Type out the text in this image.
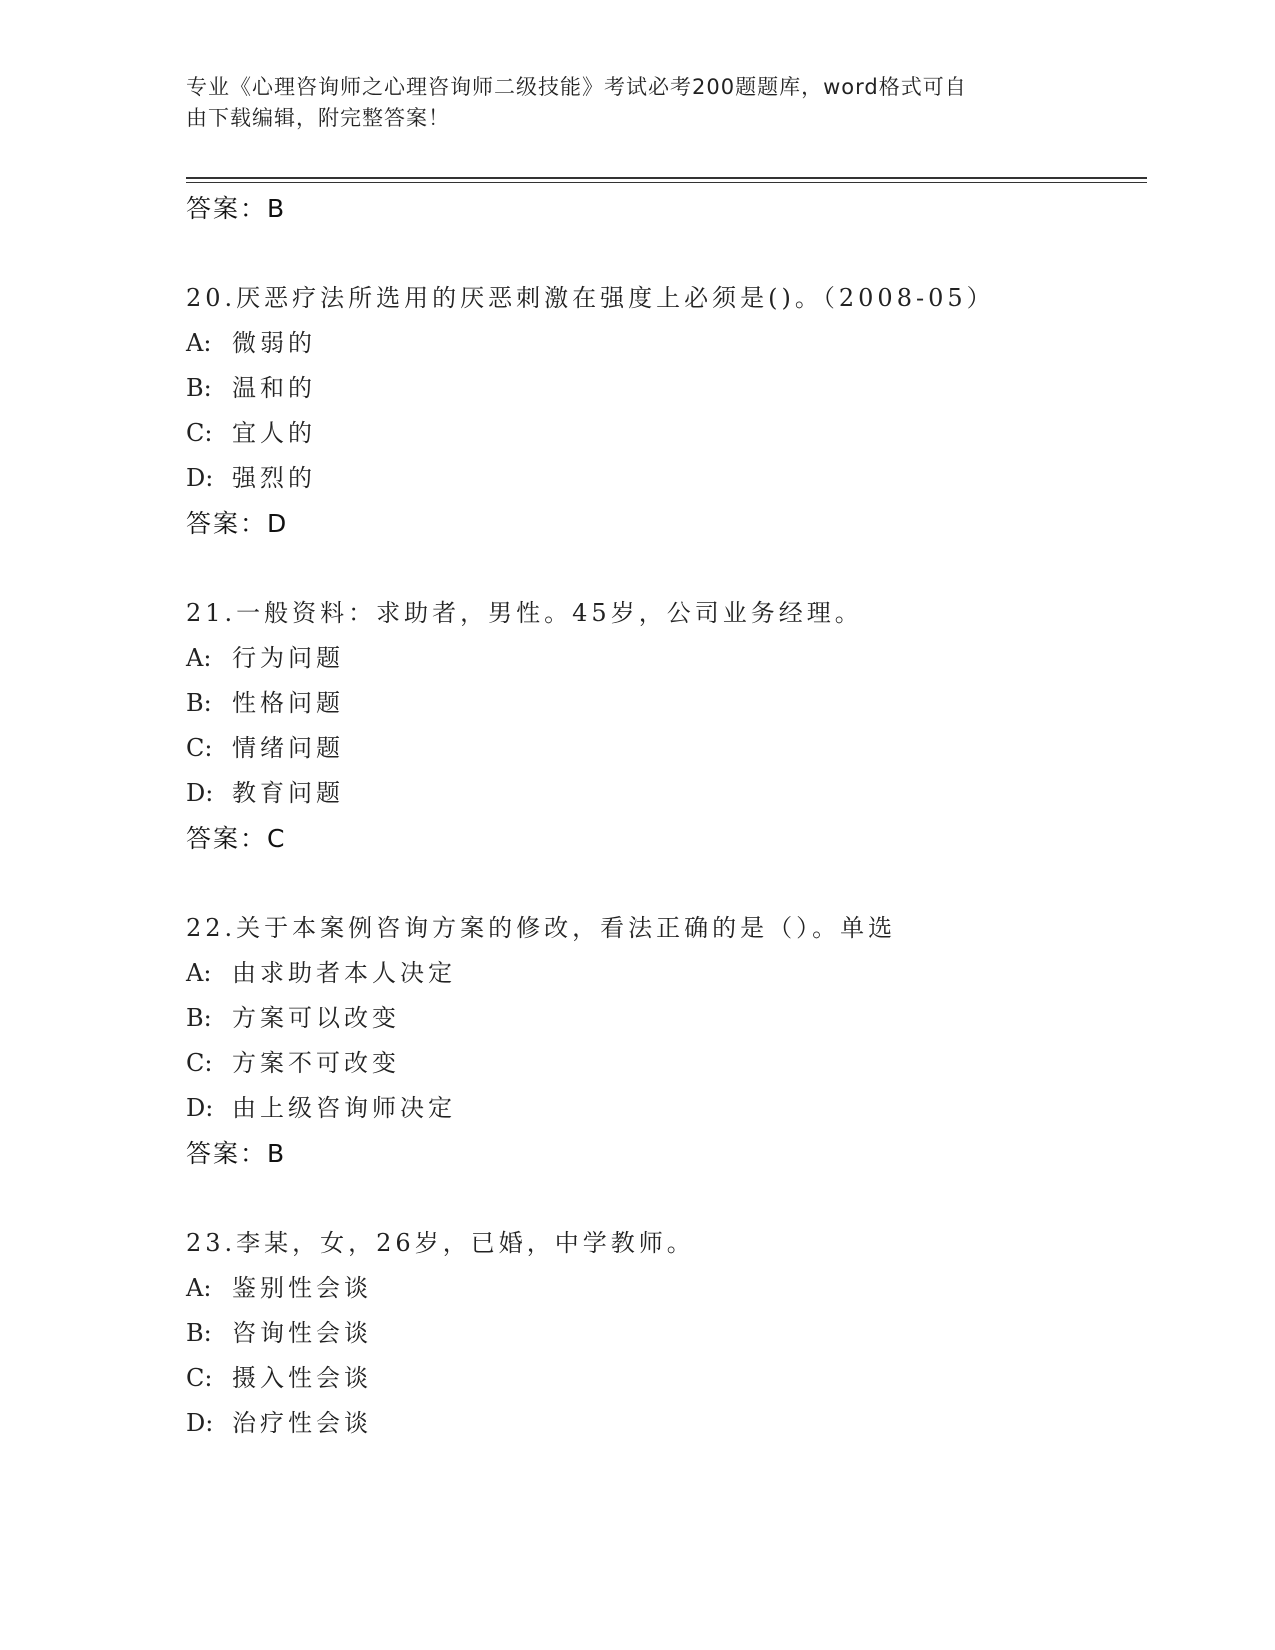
专业《心理咨询师之心理咨询师二级技能》考试必考200题题库，word格式可自
由下载编辑，附完整答案！
答案：B
20.厌恶疗法所选用的厌恶刺激在强度上必须是()。（2008-05）
A: 微弱的
B: 温和的
C: 宜人的
D: 强烈的
答案：D
21.一般资料：求助者，男性。45岁，公司业务经理。
A: 行为问题
B: 性格问题
C: 情绪问题
D: 教育问题
答案：C
22.关于本案例咨询方案的修改，看法正确的是（）。单选
A: 由求助者本人决定
B: 方案可以改变
C: 方案不可改变
D: 由上级咨询师决定
答案：B
23.李某，女，26岁，已婚，中学教师。
A: 鉴别性会谈
B: 咨询性会谈
C: 摄入性会谈
D: 治疗性会谈
